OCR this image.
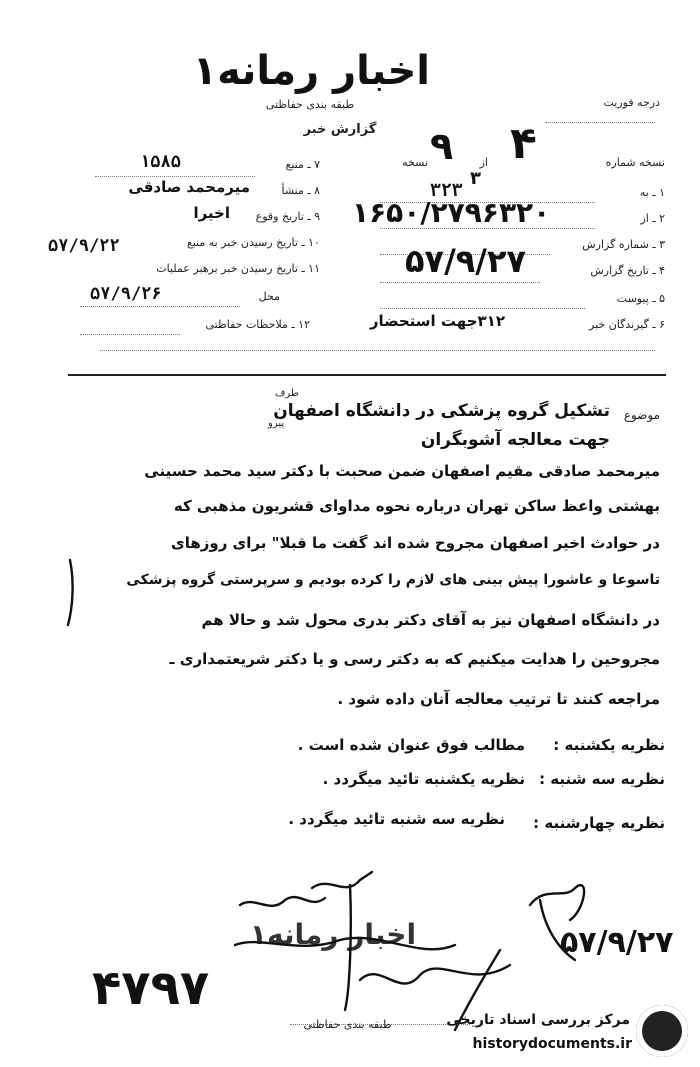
اخبار رمانه۱
طبقه بندی حفاظتی
گزارش خبر
درجه فوریت
نسخه شماره
۴
از
۹
۳
نسخه
۱ ـ به
۳۲۳
۲ ـ از
۱۶۵۰/۲۷۹۶۳۲۰
۳ ـ شماره گزارش
۴ ـ تاریخ گزارش
۵۷/۹/۲۷
۵ ـ پیوست
۶ ـ گیرندگان خبر
۳۱۲جهت استحضار
۷ ـ منبع
۱۵۸۵
۸ ـ منشأ
میرمحمد صادقی
۹ ـ تاریخ وقوع
اخیرا
۱۰ ـ تاریخ رسیدن خبر به منبع
۵۷/۹/۲۲
۱۱ ـ تاریخ رسیدن خبر برهبر عملیات
محل
۵۷/۹/۲۶
۱۲ ـ ملاحظات حفاظتی
موضوع
تشکیل گروه پزشکی در دانشگاه اصفهان
طرف
پیرو
جهت معالجه آشوبگران
میرمحمد صادقی مقیم اصفهان ضمن صحبت با دکتر سید محمد حسینی
بهشتی واعظ ساکن تهران درباره نحوه مداوای قشریون مذهبی که
در حوادث اخیر اصفهان مجروح شده اند گفت ما قبلا" برای روزهای
تاسوعا و عاشورا پیش بینی های لازم را کرده بودیم و سرپرستی گروه پزشکی
در دانشگاه اصفهان نیز به آقای دکتر بدری محول شد و حالا هم
مجروحین را هدایت میکنیم که به دکتر رسی و یا دکتر شریعتمداری ـ
مراجعه کنند تا ترتیب معالجه آنان داده شود .
نظریه یکشنبه :
مطالب فوق عنوان شده است .
نظریه سه شنبه :
نظریه یکشنبه تائید میگردد .
نظریه چهارشنبه :
نظریه سه شنبه تائید میگردد .
۵۷/۹/۲۷
۴۷۹۷
اخبار رمانه۱
طبقه بندی حفاظتی	مرکز بررسی اسناد تاریخی
historydocuments.ir
